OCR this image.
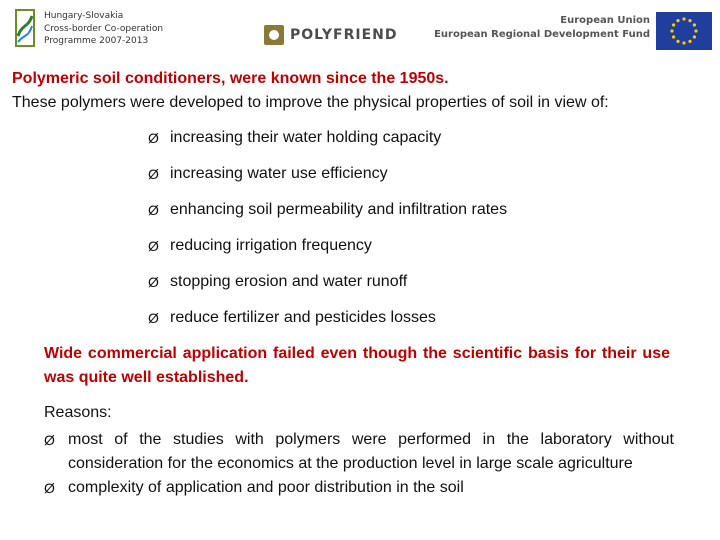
Hungary-Slovakia
Cross-border Co-operation
Programme 2007-2013	POLYFRIEND
European Union
European Regional Development Fund
Polymeric soil conditioners, were known since the 1950s.
These polymers were developed to improve the physical properties of soil in view of:
Ø increasing their water holding capacity
Ø increasing water use efficiency
Ø enhancing soil permeability and infiltration rates
Ø reducing irrigation frequency
Ø stopping erosion and water runoff
Ø reduce fertilizer and pesticides losses
Wide commercial application failed even though the scientific basis for their use was quite well established.
Reasons:
Ø most of the studies with polymers were performed in the laboratory without consideration for the economics at the production level in large scale agriculture
Ø complexity of application and poor distribution in the soil
